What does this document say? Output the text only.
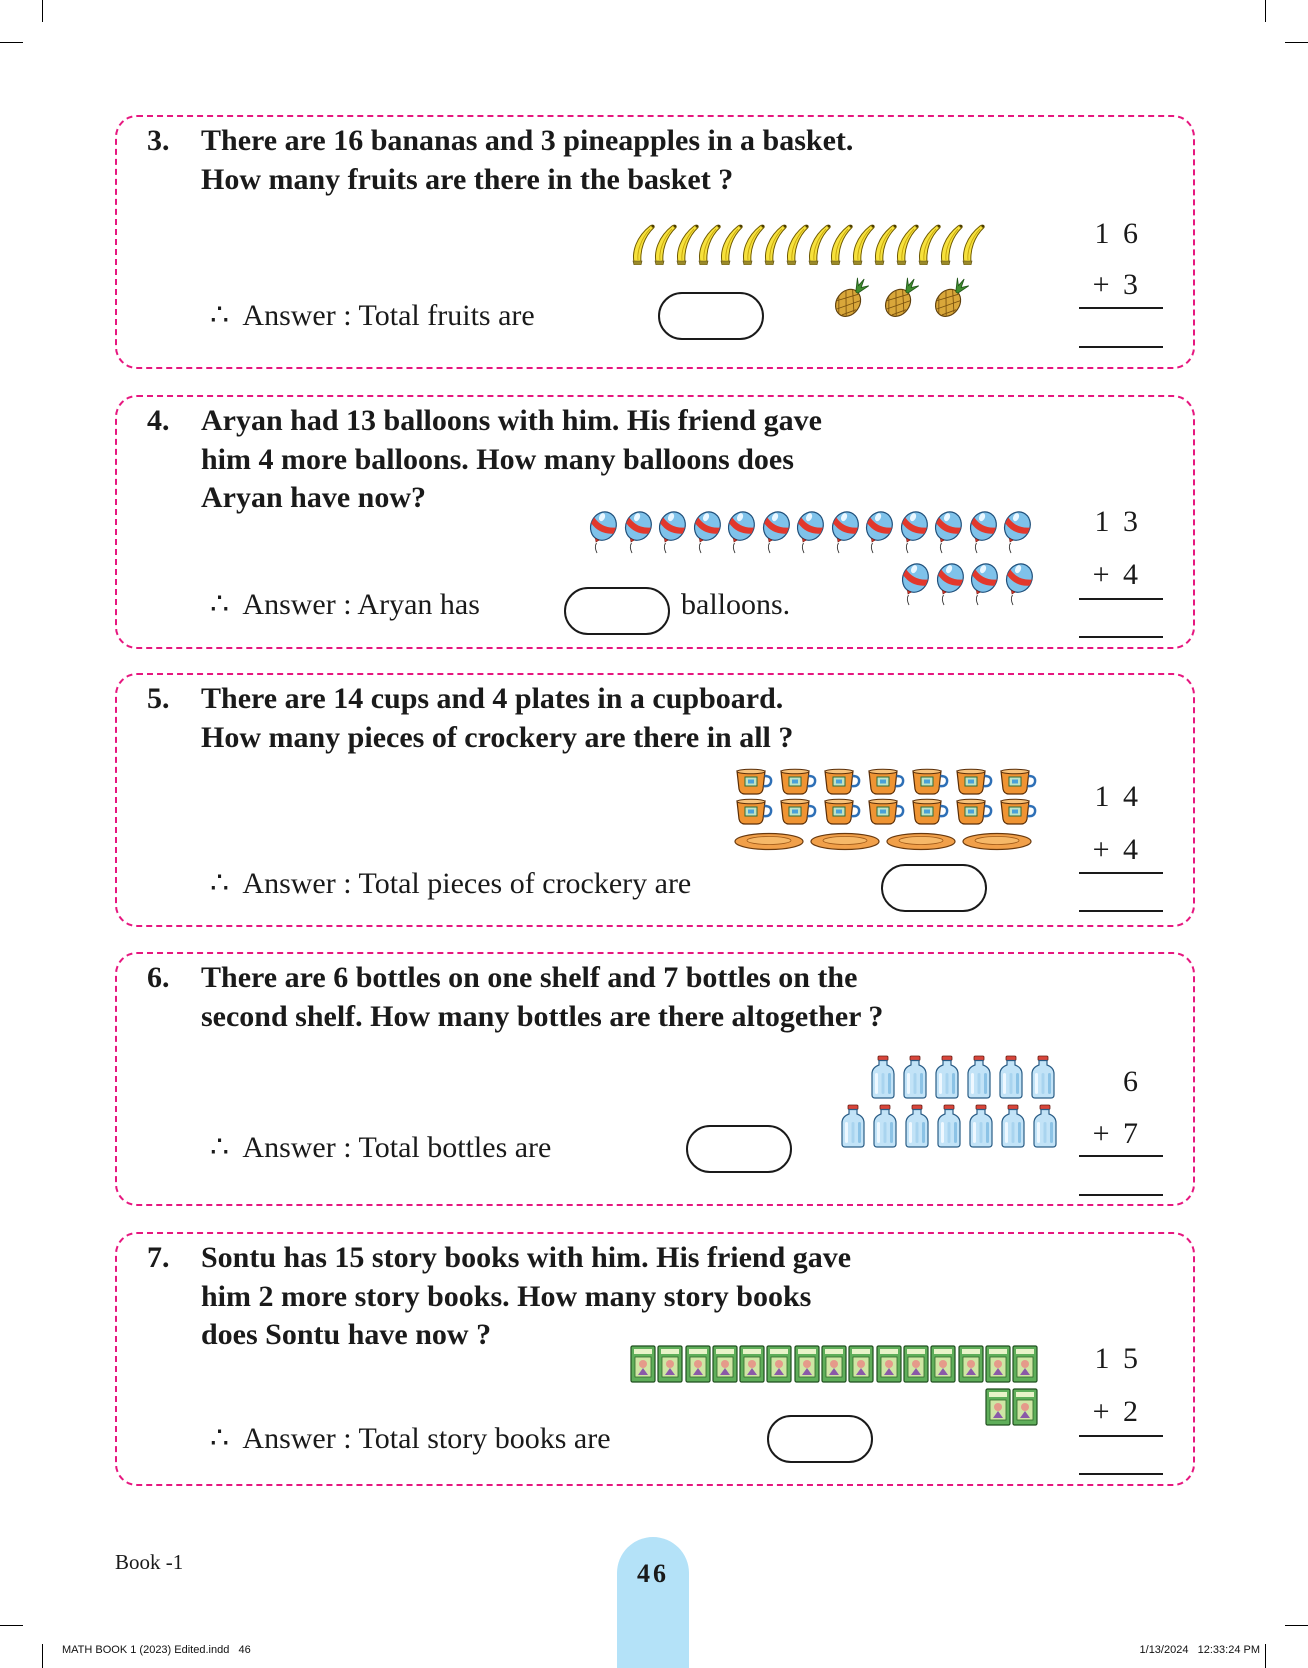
3. There are 16 bananas and 3 pineapples in a basket.
How many fruits are there in the basket ?
∴  Answer : Total fruits are
1 6
+ 3
4. Aryan had 13 balloons with him. His friend gave
him 4 more balloons. How many balloons does
Aryan have now?
∴  Answer : Aryan has	balloons.
1 3
+ 4
5. There are 14 cups and 4 plates in a cupboard.
How many pieces of crockery are there in all ?
∴  Answer : Total pieces of crockery are
1 4
+ 4
6. There are 6 bottles on one shelf and 7 bottles on the
second shelf. How many bottles are there altogether ?
∴  Answer : Total bottles are
6
+ 7
7. Sontu has 15 story books with him. His friend gave
him 2 more story books. How many story books
does Sontu have now ?
∴  Answer : Total story books are
1 5
+ 2
Book -1	46
MATH BOOK 1 (2023) Edited.indd   46	1/13/2024   12:33:24 PM
